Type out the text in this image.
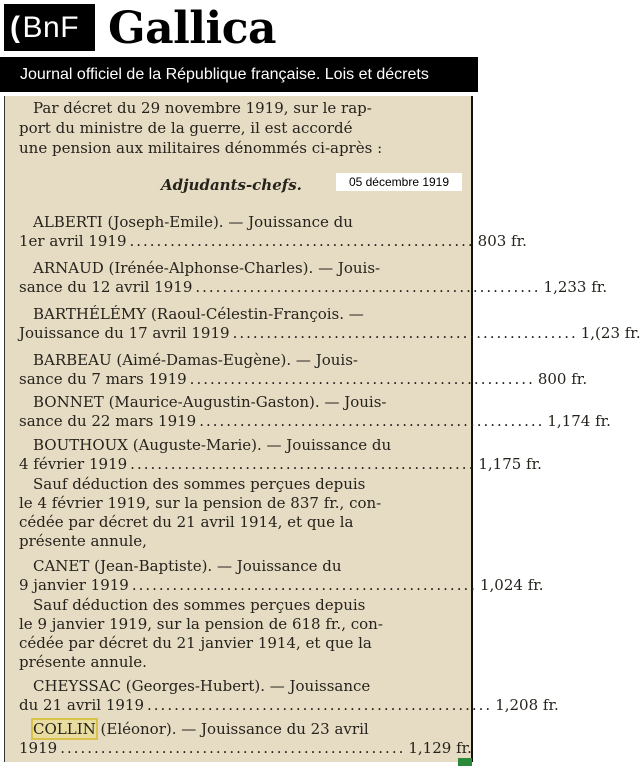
(BnF Gallica
Journal officiel de la République française. Lois et décrets
Par décret du 29 novembre 1919, sur le rap-
port du ministre de la guerre, il est accordé
une pension aux militaires dénommés ci-après :
Adjudants-chefs.
ALBERTI (Joseph-Emile). — Jouissance du
1er avril 1919 ................................................... 803 fr.
ARNAUD (Irénée-Alphonse-Charles). — Jouis-
sance du 12 avril 1919 ................................................... 1,233 fr.
BARTHÉLÉMY (Raoul-Célestin-François. —
Jouissance du 17 avril 1919 ................................................... 1,(23 fr.
BARBEAU (Aimé-Damas-Eugène). — Jouis-
sance du 7 mars 1919 ................................................... 800 fr.
BONNET (Maurice-Augustin-Gaston). — Jouis-
sance du 22 mars 1919 ................................................... 1,174 fr.
BOUTHOUX (Auguste-Marie). — Jouissance du
4 février 1919 ................................................... 1,175 fr.
Sauf déduction des sommes perçues depuis
le 4 février 1919, sur la pension de 837 fr., con-
cédée par décret du 21 avril 1914, et que la
présente annule,
CANET (Jean-Baptiste). — Jouissance du
9 janvier 1919 ................................................... 1,024 fr.
Sauf déduction des sommes perçues depuis
le 9 janvier 1919, sur la pension de 618 fr., con-
cédée par décret du 21 janvier 1914, et que la
présente annule.
CHEYSSAC (Georges-Hubert). — Jouissance
du 21 avril 1919 ................................................... 1,208 fr.
COLLIN (Eléonor). — Jouissance du 23 avril
1919 ................................................... 1,129 fr.
05 décembre 1919
